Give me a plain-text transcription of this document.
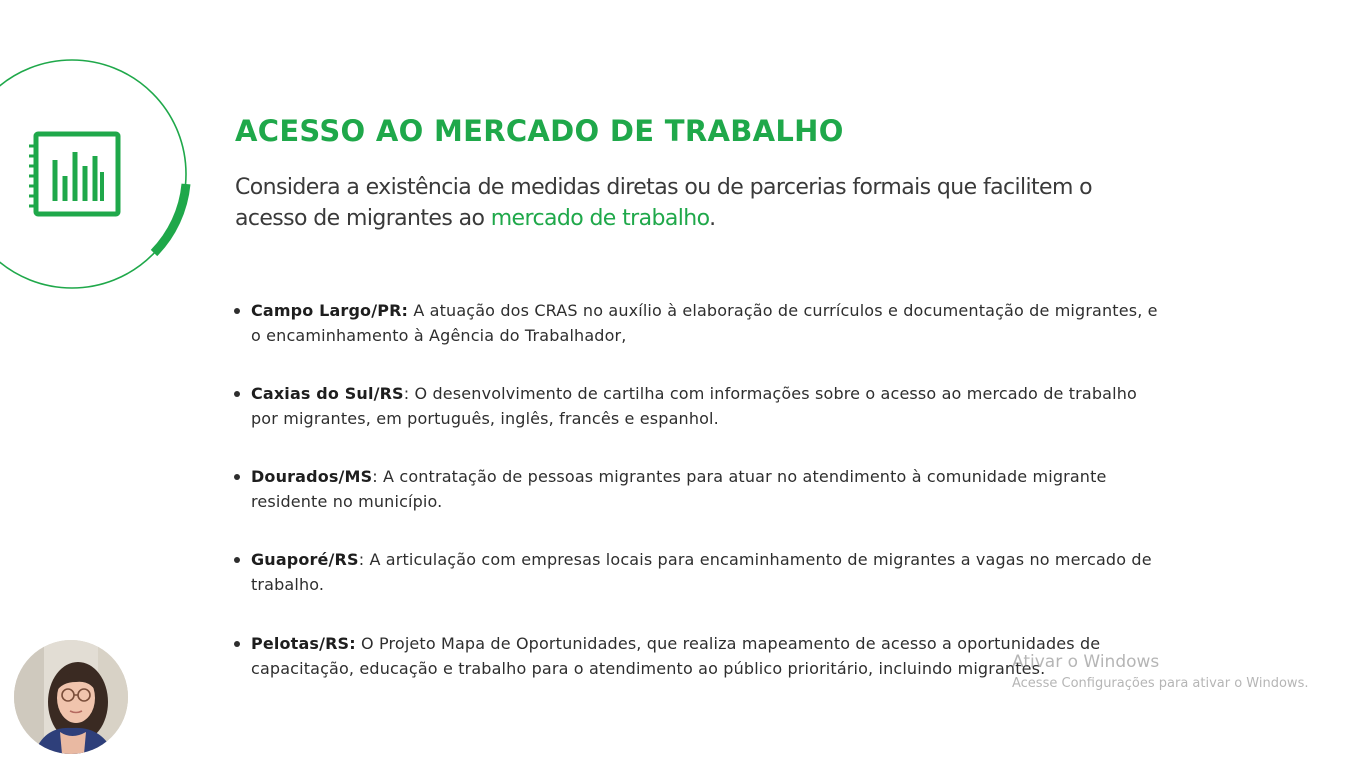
ACESSO AO MERCADO DE TRABALHO

Considera a existência de medidas diretas ou de parcerias formais que facilitem o acesso de migrantes ao mercado de trabalho.

Campo Largo/PR: A atuação dos CRAS no auxílio à elaboração de currículos e documentação de migrantes, e o encaminhamento à Agência do Trabalhador,
Caxias do Sul/RS: O desenvolvimento de cartilha com informações sobre o acesso ao mercado de trabalho por migrantes, em português, inglês, francês e espanhol.
Dourados/MS: A contratação de pessoas migrantes para atuar no atendimento à comunidade migrante residente no município.
Guaporé/RS: A articulação com empresas locais para encaminhamento de migrantes a vagas no mercado de trabalho.
Pelotas/RS: O Projeto Mapa de Oportunidades, que realiza mapeamento de acesso a oportunidades de capacitação, educação e trabalho para o atendimento ao público prioritário, incluindo migrantes.
Ativar o Windows
Acesse Configurações para ativar o Windows.
